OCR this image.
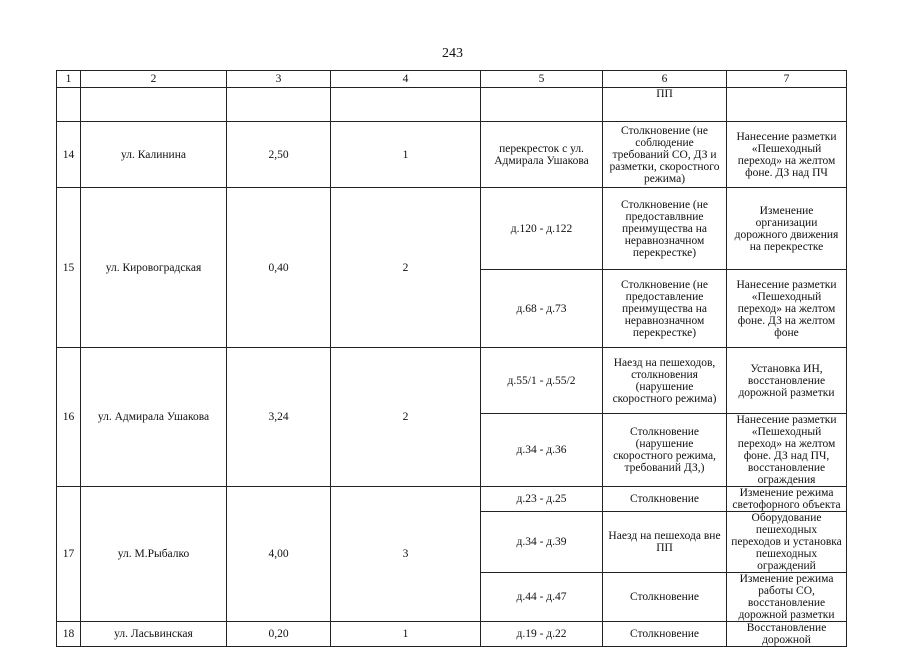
243
1	2	3	4	5	6	7
					ПП	
14	ул. Калинина	2,50	1	перекресток с ул. Адмирала Ушакова	Столкновение (не соблюдение требований СО, ДЗ и разметки, скоростного режима)	Нанесение разметки «Пешеходный переход» на желтом фоне. ДЗ над ПЧ
15	ул. Кировоградская	0,40	2	д.120 - д.122	Столкновение (не предоставлвние преимущества на неравнозначном перекрестке)	Изменение организации дорожного движения на перекрестке
				д.68 - д.73	Столкновение (не предоставление преимущества на неравнозначном перекрестке)	Нанесение разметки «Пешеходный переход» на желтом фоне. ДЗ на желтом фоне
16	ул. Адмирала Ушакова	3,24	2	д.55/1 - д.55/2	Наезд на пешеходов, столкновения (нарушение скоростного режима)	Установка ИН, восстановление дорожной разметки
				д.34 - д.36	Столкновение (нарушение скоростного режима, требований ДЗ,)	Нанесение разметки «Пешеходный переход» на желтом фоне. ДЗ над ПЧ, восстановление ограждения
17	ул. М.Рыбалко	4,00	3	д.23 - д.25	Столкновение	Изменение режима светофорного объекта
				д.34 - д.39	Наезд на пешехода вне ПП	Оборудование пешеходных переходов и установка пешеходных ограждений
				д.44 - д.47	Столкновение	Изменение режима работы СО, восстановление дорожной разметки
18	ул. Ласьвинская	0,20	1	д.19 - д.22	Столкновение	Восстановление дорожной
